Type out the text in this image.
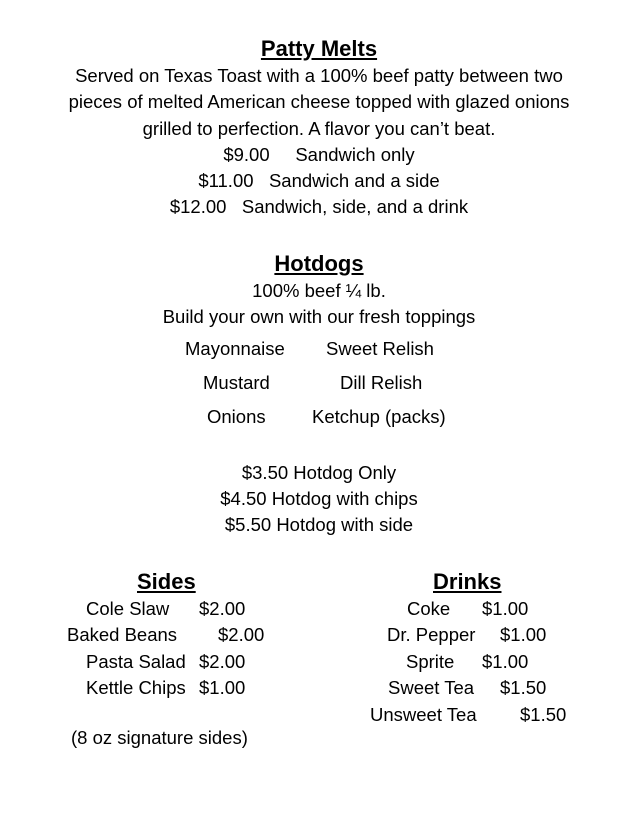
Patty Melts
Served on Texas Toast with a 100% beef patty between two
pieces of melted American cheese topped with glazed onions
grilled to perfection. A flavor you can’t beat.
$9.00 Sandwich only
$11.00 Sandwich and a side
$12.00 Sandwich, side, and a drink
Hotdogs
100% beef ¼ lb.
Build your own with our fresh toppings
Mayonnaise Sweet Relish
Mustard	Dill Relish
Onions	Ketchup (packs)
$3.50 Hotdog Only
$4.50 Hotdog with chips
$5.50 Hotdog with side
Sides
Cole Slaw $2.00
Baked Beans $2.00
Pasta Salad $2.00
Kettle Chips $1.00
(8 oz signature sides)
Drinks
Coke $1.00
Dr. Pepper $1.00
Sprite $1.00
Sweet Tea $1.50
Unsweet Tea $1.50
